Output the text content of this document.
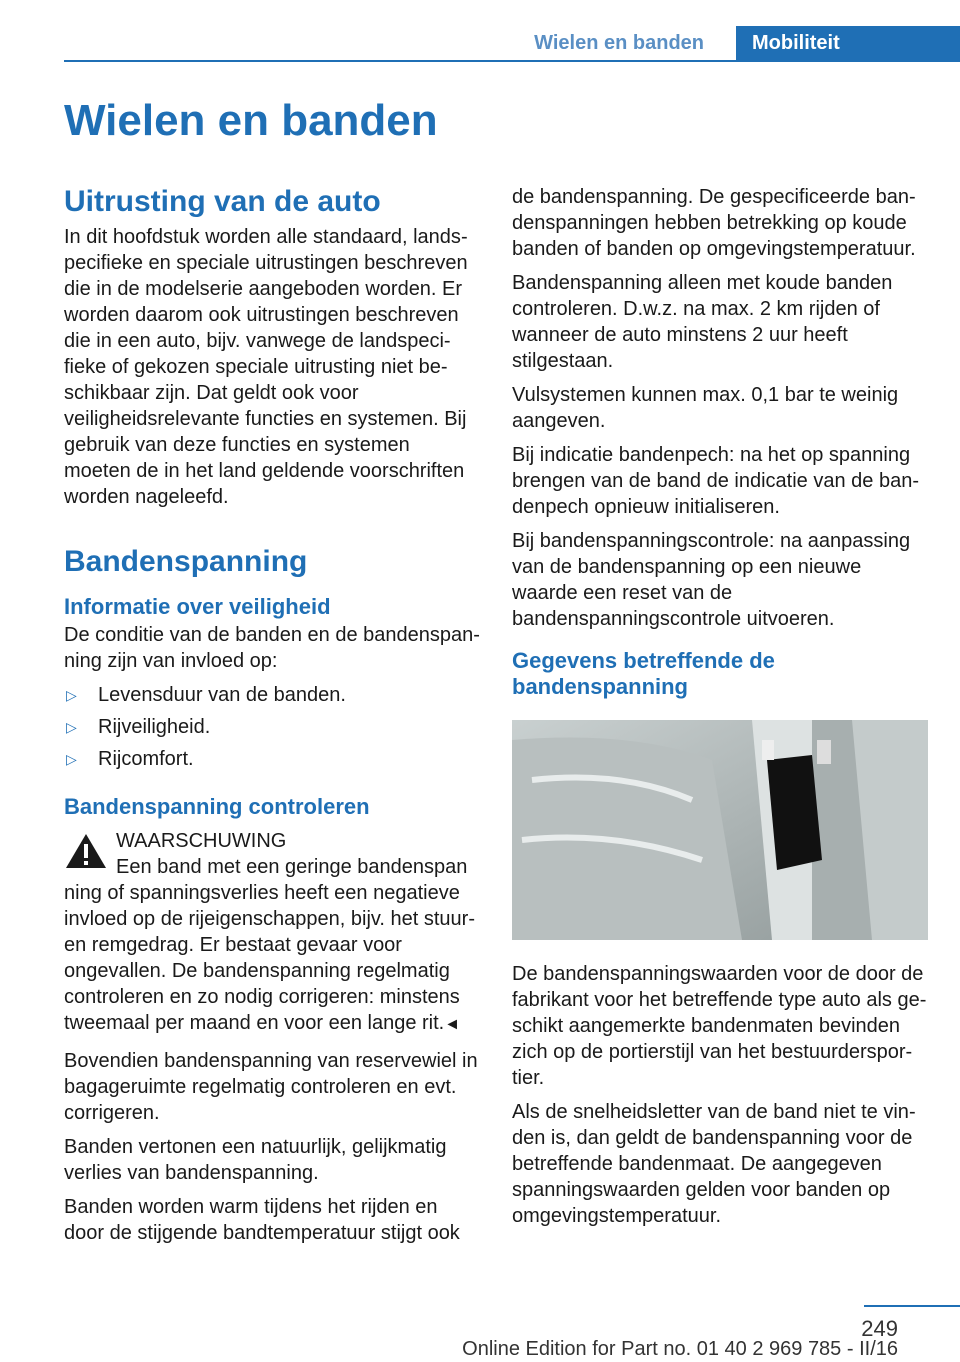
Wielen en banden	Mobiliteit
Wielen en banden
Uitrusting van de auto

In dit hoofdstuk worden alle standaard, landspecifieke en speciale uitrustingen beschreven die in de modelserie aangeboden worden. Er worden daarom ook uitrustingen beschreven die in een auto, bijv. vanwege de landspecifieke of gekozen speciale uitrusting niet beschikbaar zijn. Dat geldt ook voor veiligheidsrelevante functies en systemen. Bij gebruik van deze functies en systemen moeten de in het land geldende voorschriften worden nageleefd.

Bandenspanning
Informatie over veiligheid

De conditie van de banden en de bandenspanning zijn van invloed op:

▷ Levensduur van de banden.
▷ Rijveiligheid.
▷ Rijcomfort.
Bandenspanning controleren
WAARSCHUWING
Een band met een geringe bandenspan
ning of spanningsverlies heeft een negatieve invloed op de rijeigenschappen, bijv. het stuur- en remgedrag. Er bestaat gevaar voor ongevallen. De bandenspanning regelmatig controleren en zo nodig corrigeren: minstens tweemaal per maand en voor een lange rit.◄

Bovendien bandenspanning van reservewiel in bagageruimte regelmatig controleren en evt. corrigeren.

Banden vertonen een natuurlijk, gelijkmatig verlies van bandenspanning.

Banden worden warm tijdens het rijden en door de stijgende bandtemperatuur stijgt ook

de bandenspanning. De gespecificeerde bandenspanningen hebben betrekking op koude banden of banden op omgevingstemperatuur.

Bandenspanning alleen met koude banden controleren. D.w.z. na max. 2 km rijden of wanneer de auto minstens 2 uur heeft stilgestaan.

Vulsystemen kunnen max. 0,1 bar te weinig aangeven.

Bij indicatie bandenpech: na het op spanning brengen van de band de indicatie van de bandenpech opnieuw initialiseren.

Bij bandenspanningscontrole: na aanpassing van de bandenspanning op een nieuwe waarde een reset van de bandenspanningscontrole uitvoeren.

Gegevens betreffende de bandenspanning

De bandenspanningswaarden voor de door de fabrikant voor het betreffende type auto als geschikt aangemerkte bandenmaten bevinden zich op de portierstijl van het bestuurdersportier.

Als de snelheidsletter van de band niet te vinden is, dan geldt de bandenspanning voor de betreffende bandenmaat. De aangegeven spanningswaarden gelden voor banden op omgevingstemperatuur.

249
Online Edition for Part no. 01 40 2 969 785 - II/16
